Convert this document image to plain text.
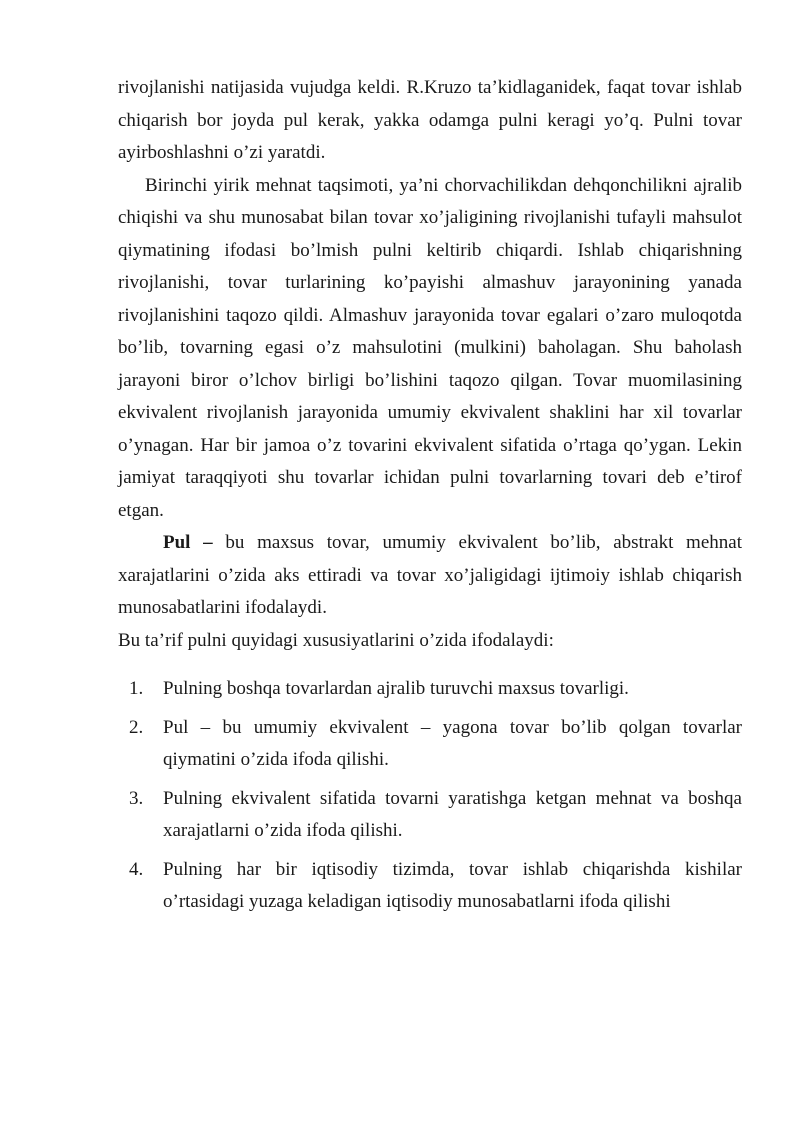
rivojlanishi natijasida vujudga keldi. R.Kruzo ta’kidlaganidek, faqat tovar ishlab chiqarish bor joyda pul kerak, yakka odamga pulni keragi yo’q. Pulni tovar ayirboshlashni o’zi yaratdi.

Birinchi yirik mehnat taqsimoti, ya’ni chorvachilikdan dehqonchilikni ajralib chiqishi va shu munosabat bilan tovar xo’jaligining rivojlanishi tufayli mahsulot qiymatining ifodasi bo’lmish pulni keltirib chiqardi. Ishlab chiqarishning rivojlanishi, tovar turlarining ko’payishi almashuv jarayonining yanada rivojlanishini taqozo qildi. Almashuv jarayonida tovar egalari o’zaro muloqotda bo’lib, tovarning egasi o’z mahsulotini (mulkini) baholagan. Shu baholash jarayoni biror o’lchov birligi bo’lishini taqozo qilgan. Tovar muomilasining ekvivalent rivojlanish jarayonida umumiy ekvivalent shaklini har xil tovarlar o’ynagan. Har bir jamoa o’z tovarini ekvivalent sifatida o’rtaga qo’ygan. Lekin jamiyat taraqqiyoti shu tovarlar ichidan pulni tovarlarning tovari deb e’tirof etgan.

Pul – bu maxsus tovar, umumiy ekvivalent bo’lib, abstrakt mehnat xarajatlarini o’zida aks ettiradi va tovar xo’jaligidagi ijtimoiy ishlab chiqarish munosabatlarini ifodalaydi.

Bu ta’rif pulni quyidagi xususiyatlarini o’zida ifodalaydi:

1. Pulning boshqa tovarlardan ajralib turuvchi maxsus tovarligi.
2. Pul – bu umumiy ekvivalent – yagona tovar bo’lib qolgan tovarlar qiymatini o’zida ifoda qilishi.
3. Pulning ekvivalent sifatida tovarni yaratishga ketgan mehnat va boshqa xarajatlarni o’zida ifoda qilishi.
4. Pulning har bir iqtisodiy tizimda, tovar ishlab chiqarishda kishilar o’rtasidagi yuzaga keladigan iqtisodiy munosabatlarni ifoda qilishi
